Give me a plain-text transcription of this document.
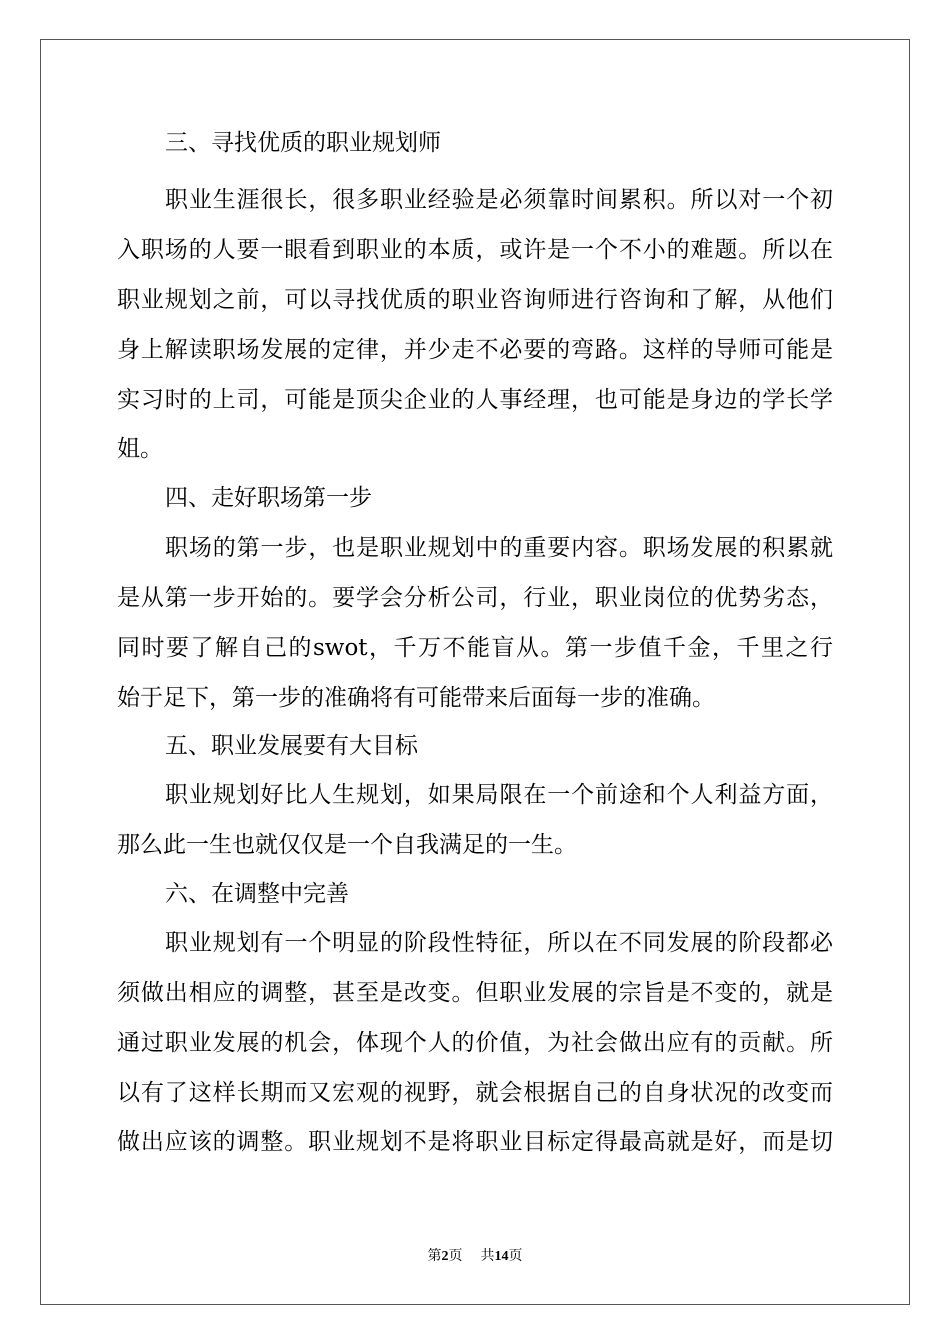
三、寻找优质的职业规划师
职业生涯很长，很多职业经验是必须靠时间累积。所以对一个初
入职场的人要一眼看到职业的本质，或许是一个不小的难题。所以在
职业规划之前，可以寻找优质的职业咨询师进行咨询和了解，从他们
身上解读职场发展的定律，并少走不必要的弯路。这样的导师可能是
实习时的上司，可能是顶尖企业的人事经理，也可能是身边的学长学
姐。
四、走好职场第一步
职场的第一步，也是职业规划中的重要内容。职场发展的积累就
是从第一步开始的。要学会分析公司，行业，职业岗位的优势劣态，
同时要了解自己的swot，千万不能盲从。第一步值千金，千里之行
始于足下，第一步的准确将有可能带来后面每一步的准确。
五、职业发展要有大目标
职业规划好比人生规划，如果局限在一个前途和个人利益方面，
那么此一生也就仅仅是一个自我满足的一生。
六、在调整中完善
职业规划有一个明显的阶段性特征，所以在不同发展的阶段都必
须做出相应的调整，甚至是改变。但职业发展的宗旨是不变的，就是
通过职业发展的机会，体现个人的价值，为社会做出应有的贡献。所
以有了这样长期而又宏观的视野，就会根据自己的自身状况的改变而
做出应该的调整。职业规划不是将职业目标定得最高就是好，而是切
第2页 共14页
